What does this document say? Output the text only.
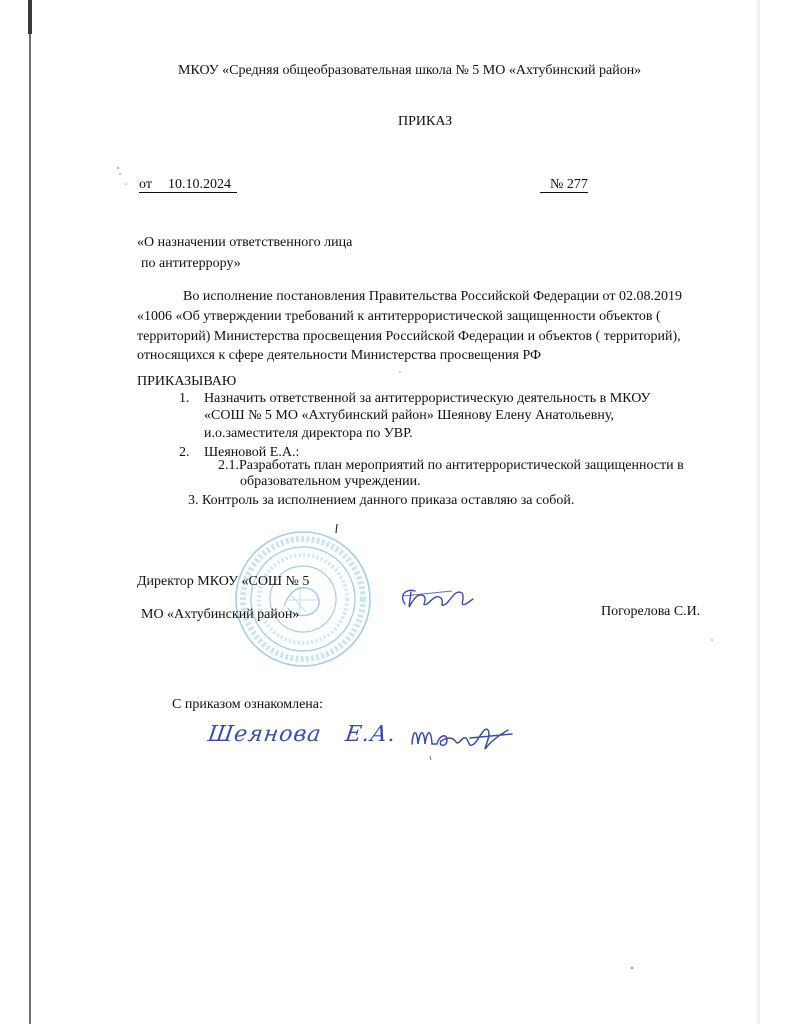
МКОУ «Средняя общеобразовательная школа № 5 МО «Ахтубинский район»
ПРИКАЗ
от 10.10.2024	№ 277
«О назначении ответственного лица
по антитеррору»
Во исполнение постановления Правительства Российской Федерации от 02.08.2019
«1006 «Об утверждении требований к антитеррористической защищенности объектов (
территорий) Министерства просвещения Российской Федерации и объектов ( территорий),
относящихся к сфере деятельности Министерства просвещения РФ
ПРИКАЗЫВАЮ
1. Назначить ответственной за антитеррористическую деятельность в МКОУ
«СОШ № 5 МО «Ахтубинский район» Шеянову Елену Анатольевну,
и.о.заместителя директора по УВР.
2. Шеяновой Е.А.:
2.1.Разработать план мероприятий по антитеррористической защищенности в
образовательном учреждении.
3. Контроль за исполнением данного приказа оставляю за собой.
Директор МКОУ «СОШ № 5
МО «Ахтубинский район»	Погорелова С.И.
С приказом ознакомлена:
Шеянова Е.А.
